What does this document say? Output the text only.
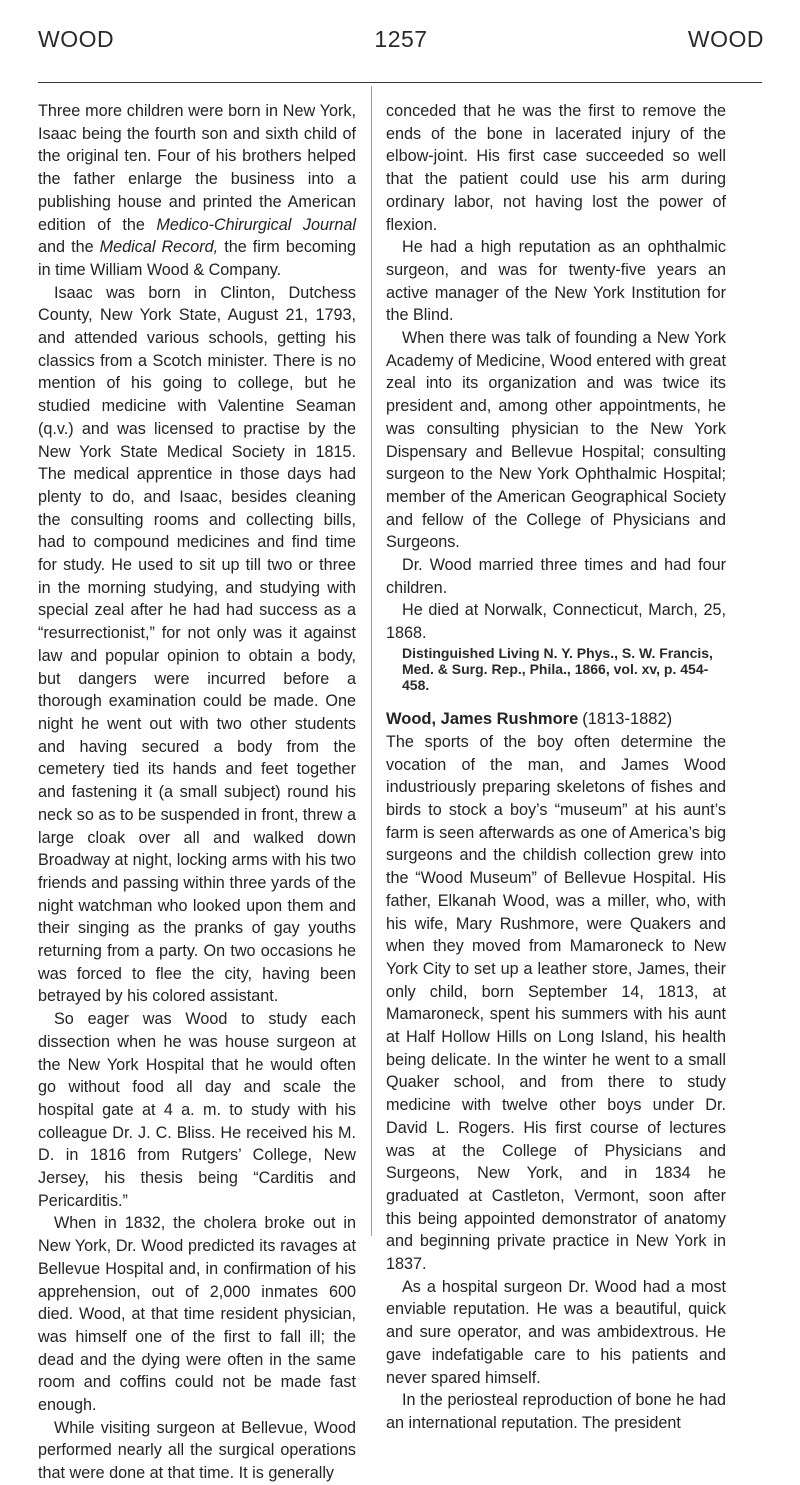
WOOD	1257	WOOD

Three more children were born in New York, Isaac being the fourth son and sixth child of the original ten. Four of his brothers helped the father enlarge the business into a publishing house and printed the American edition of the Medico-Chirurgical Journal and the Medical Record, the firm becoming in time William Wood & Company.

Isaac was born in Clinton, Dutchess County, New York State, August 21, 1793, and attended various schools, getting his classics from a Scotch minister. There is no mention of his going to college, but he studied medicine with Valentine Seaman (q.v.) and was licensed to practise by the New York State Medical Society in 1815. The medical apprentice in those days had plenty to do, and Isaac, besides cleaning the consulting rooms and collecting bills, had to compound medicines and find time for study. He used to sit up till two or three in the morning studying, and studying with special zeal after he had had success as a “resurrectionist,” for not only was it against law and popular opinion to obtain a body, but dangers were incurred before a thorough examination could be made. One night he went out with two other students and having secured a body from the cemetery tied its hands and feet together and fastening it (a small subject) round his neck so as to be suspended in front, threw a large cloak over all and walked down Broadway at night, locking arms with his two friends and passing within three yards of the night watchman who looked upon them and their singing as the pranks of gay youths returning from a party. On two occasions he was forced to flee the city, having been betrayed by his colored assistant.

So eager was Wood to study each dissection when he was house surgeon at the New York Hospital that he would often go without food all day and scale the hospital gate at 4 a. m. to study with his colleague Dr. J. C. Bliss. He received his M. D. in 1816 from Rutgers’ College, New Jersey, his thesis being “Carditis and Pericarditis.”

When in 1832, the cholera broke out in New York, Dr. Wood predicted its ravages at Bellevue Hospital and, in confirmation of his apprehension, out of 2,000 inmates 600 died. Wood, at that time resident physician, was himself one of the first to fall ill; the dead and the dying were often in the same room and coffins could not be made fast enough.

While visiting surgeon at Bellevue, Wood performed nearly all the surgical operations that were done at that time. It is generally

conceded that he was the first to remove the ends of the bone in lacerated injury of the elbow-joint. His first case succeeded so well that the patient could use his arm during ordinary labor, not having lost the power of flexion.

He had a high reputation as an ophthalmic surgeon, and was for twenty-five years an active manager of the New York Institution for the Blind.

When there was talk of founding a New York Academy of Medicine, Wood entered with great zeal into its organization and was twice its president and, among other appointments, he was consulting physician to the New York Dispensary and Bellevue Hospital; consulting surgeon to the New York Ophthalmic Hospital; member of the American Geographical Society and fellow of the College of Physicians and Surgeons.

Dr. Wood married three times and had four children.

He died at Norwalk, Connecticut, March, 25, 1868.

Distinguished Living N. Y. Phys., S. W. Francis, Med. & Surg. Rep., Phila., 1866, vol. xv, p. 454-458.

Wood, James Rushmore (1813-1882)

The sports of the boy often determine the vocation of the man, and James Wood industriously preparing skeletons of fishes and birds to stock a boy’s “museum” at his aunt’s farm is seen afterwards as one of America’s big surgeons and the childish collection grew into the “Wood Museum” of Bellevue Hospital. His father, Elkanah Wood, was a miller, who, with his wife, Mary Rushmore, were Quakers and when they moved from Mamaroneck to New York City to set up a leather store, James, their only child, born September 14, 1813, at Mamaroneck, spent his summers with his aunt at Half Hollow Hills on Long Island, his health being delicate. In the winter he went to a small Quaker school, and from there to study medicine with twelve other boys under Dr. David L. Rogers. His first course of lectures was at the College of Physicians and Surgeons, New York, and in 1834 he graduated at Castleton, Vermont, soon after this being appointed demonstrator of anatomy and beginning private practice in New York in 1837.

As a hospital surgeon Dr. Wood had a most enviable reputation. He was a beautiful, quick and sure operator, and was ambidextrous. He gave indefatigable care to his patients and never spared himself.

In the periosteal reproduction of bone he had an international reputation. The president
